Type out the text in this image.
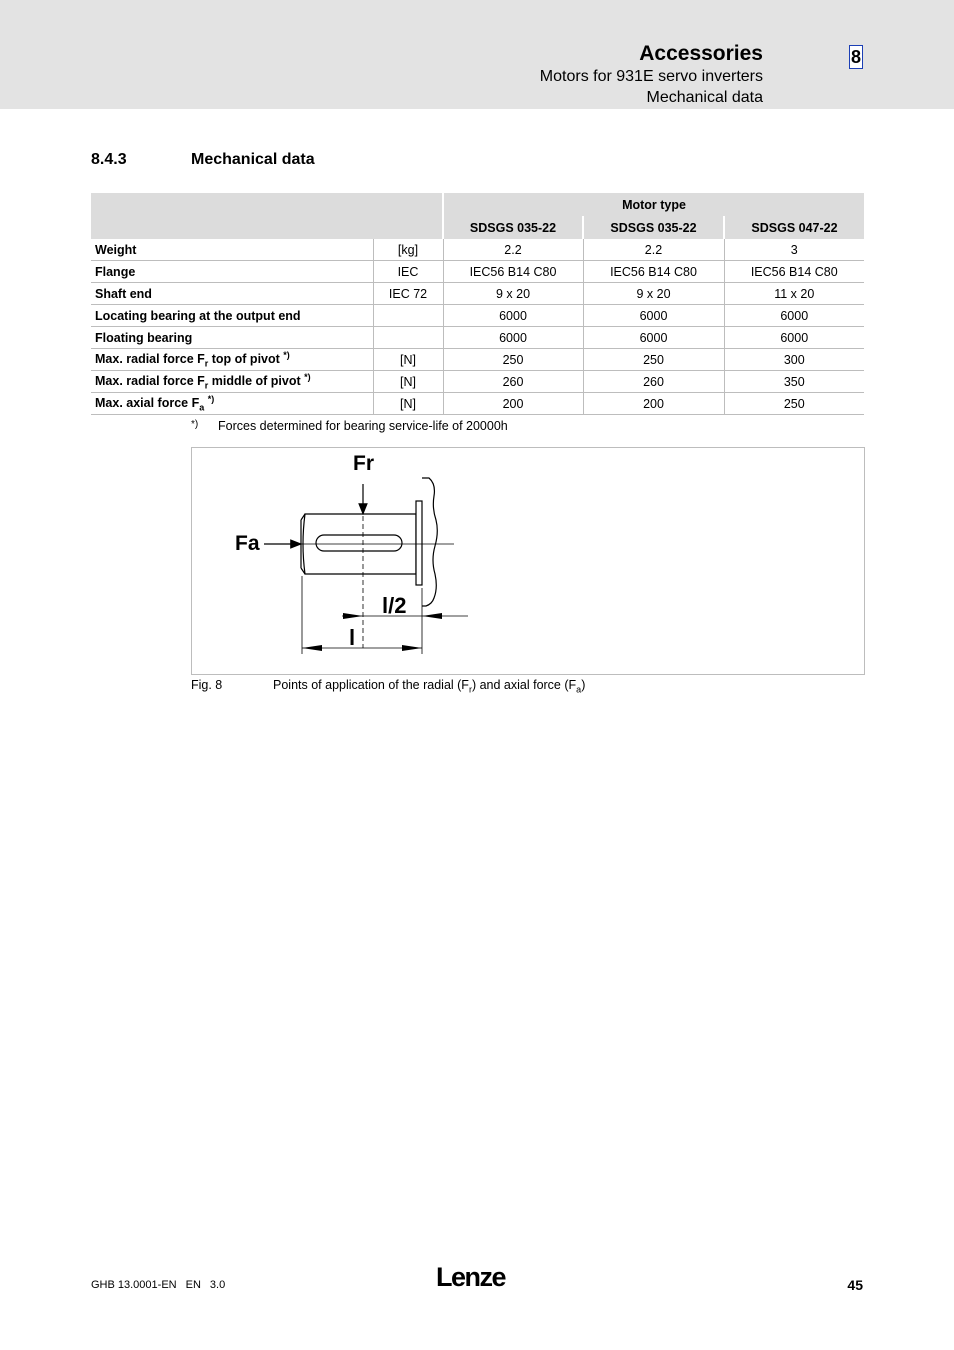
Accessories
Motors for 931E servo inverters
Mechanical data
8
8.4.3	Mechanical data
		Motor type		
		SDSGS 035-22	SDSGS 035-22	SDSGS 047-22
Weight	[kg]	2.2	2.2	3
Flange	IEC	IEC56 B14 C80	IEC56 B14 C80	IEC56 B14 C80
Shaft end	IEC 72	9 x 20	9 x 20	11 x 20
Locating bearing at the output end		6000	6000	6000
Floating bearing		6000	6000	6000
Max. radial force $F_r$ top of pivot *)	[N]	250	250	300
Max. radial force $F_r$ middle of pivot *)	[N]	260	260	350
Max. axial force $F_a$ *)	[N]	200	200	250
*) Forces determined for bearing service-life of 20000h
Fr
Fa
l/2
l
Fig. 8	Points of application of the radial $(F_r)$ and axial force $(F_a)$
GHB 13.0001-EN EN 3.0	Lenze	45
